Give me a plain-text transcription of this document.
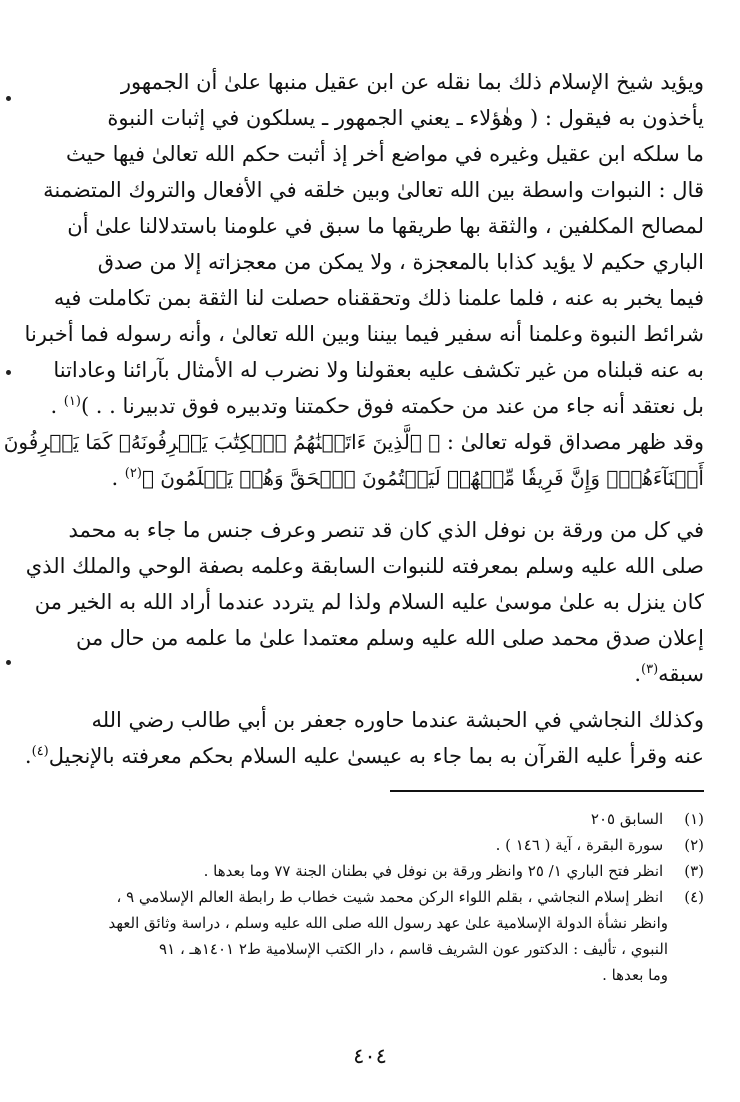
ويؤيد شيخ الإسلام ذلك بما نقله عن ابن عقيل منبها علىٰ أن الجمهور
يأخذون به فيقول : ( وهٰؤلاء ـ يعني الجمهور ـ يسلكون في إثبات النبوة
ما سلكه ابن عقيل وغيره في مواضع أخر إذ أثبت حكم الله تعالىٰ فيها حيث
قال : النبوات واسطة بين الله تعالىٰ وبين خلقه في الأفعال والتروك المتضمنة
لمصالح المكلفين ، والثقة بها طريقها ما سبق في علومنا باستدلالنا علىٰ أن
الباري حكيم لا يؤيد كذابا بالمعجزة ، ولا يمكن من معجزاته إلا من صدق
فيما يخبر به عنه ، فلما علمنا ذلك وتحققناه حصلت لنا الثقة بمن تكاملت فيه
شرائط النبوة وعلمنا أنه سفير فيما بيننا وبين الله تعالىٰ ، وأنه رسوله فما أخبرنا
به عنه قبلناه من غير تكشف عليه بعقولنا ولا نضرب له الأمثال بآرائنا وعاداتنا
بل نعتقد أنه جاء من عند من حكمته فوق حكمتنا وتدبيره فوق تدبيرنا . . )$^{(١)}$ .
وقد ظهر مصداق قوله تعالىٰ : ﴿ ٱلَّذِينَ ءَاتَيۡنَٰهُمُ ٱلۡكِتَٰبَ يَعۡرِفُونَهُۥ كَمَا يَعۡرِفُونَ
أَبۡنَآءَهُمۡۖ وَإِنَّ فَرِيقٗا مِّنۡهُمۡ لَيَكۡتُمُونَ ٱلۡحَقَّ وَهُمۡ يَعۡلَمُونَ ﴾$^{(٢)}$ .
في كل من ورقة بن نوفل الذي كان قد تنصر وعرف جنس ما جاء به محمد
صلى الله عليه وسلم بمعرفته للنبوات السابقة وعلمه بصفة الوحي والملك الذي
كان ينزل به علىٰ موسىٰ عليه السلام ولذا لم يتردد عندما أراد الله به الخير من
إعلان صدق محمد صلى الله عليه وسلم معتمدا علىٰ ما علمه من حال من
سبقه$^{(٣)}$.
وكذلك النجاشي في الحبشة عندما حاوره جعفر بن أبي طالب رضي الله
عنه وقرأ عليه القرآن به بما جاء به عيسىٰ عليه السلام بحكم معرفته بالإنجيل$^{(٤)}$.
(١) السابق ٢٠٥
(٢) سورة البقرة ، آية ( ١٤٦ ) .
(٣) انظر فتح الباري ١/ ٢٥ وانظر ورقة بن نوفل في بطنان الجنة ٧٧ وما بعدها .
(٤) انظر إسلام النجاشي ، بقلم اللواء الركن محمد شيت خطاب ط رابطة العالم الإسلامي ٩ ،
وانظر نشأة الدولة الإسلامية علىٰ عهد رسول الله صلى الله عليه وسلم ، دراسة وثائق العهد
النبوي ، تأليف : الدكتور عون الشريف قاسم ، دار الكتب الإسلامية ط٢ ١٤٠١هـ ، ٩١
وما بعدها .
٤٠٤
